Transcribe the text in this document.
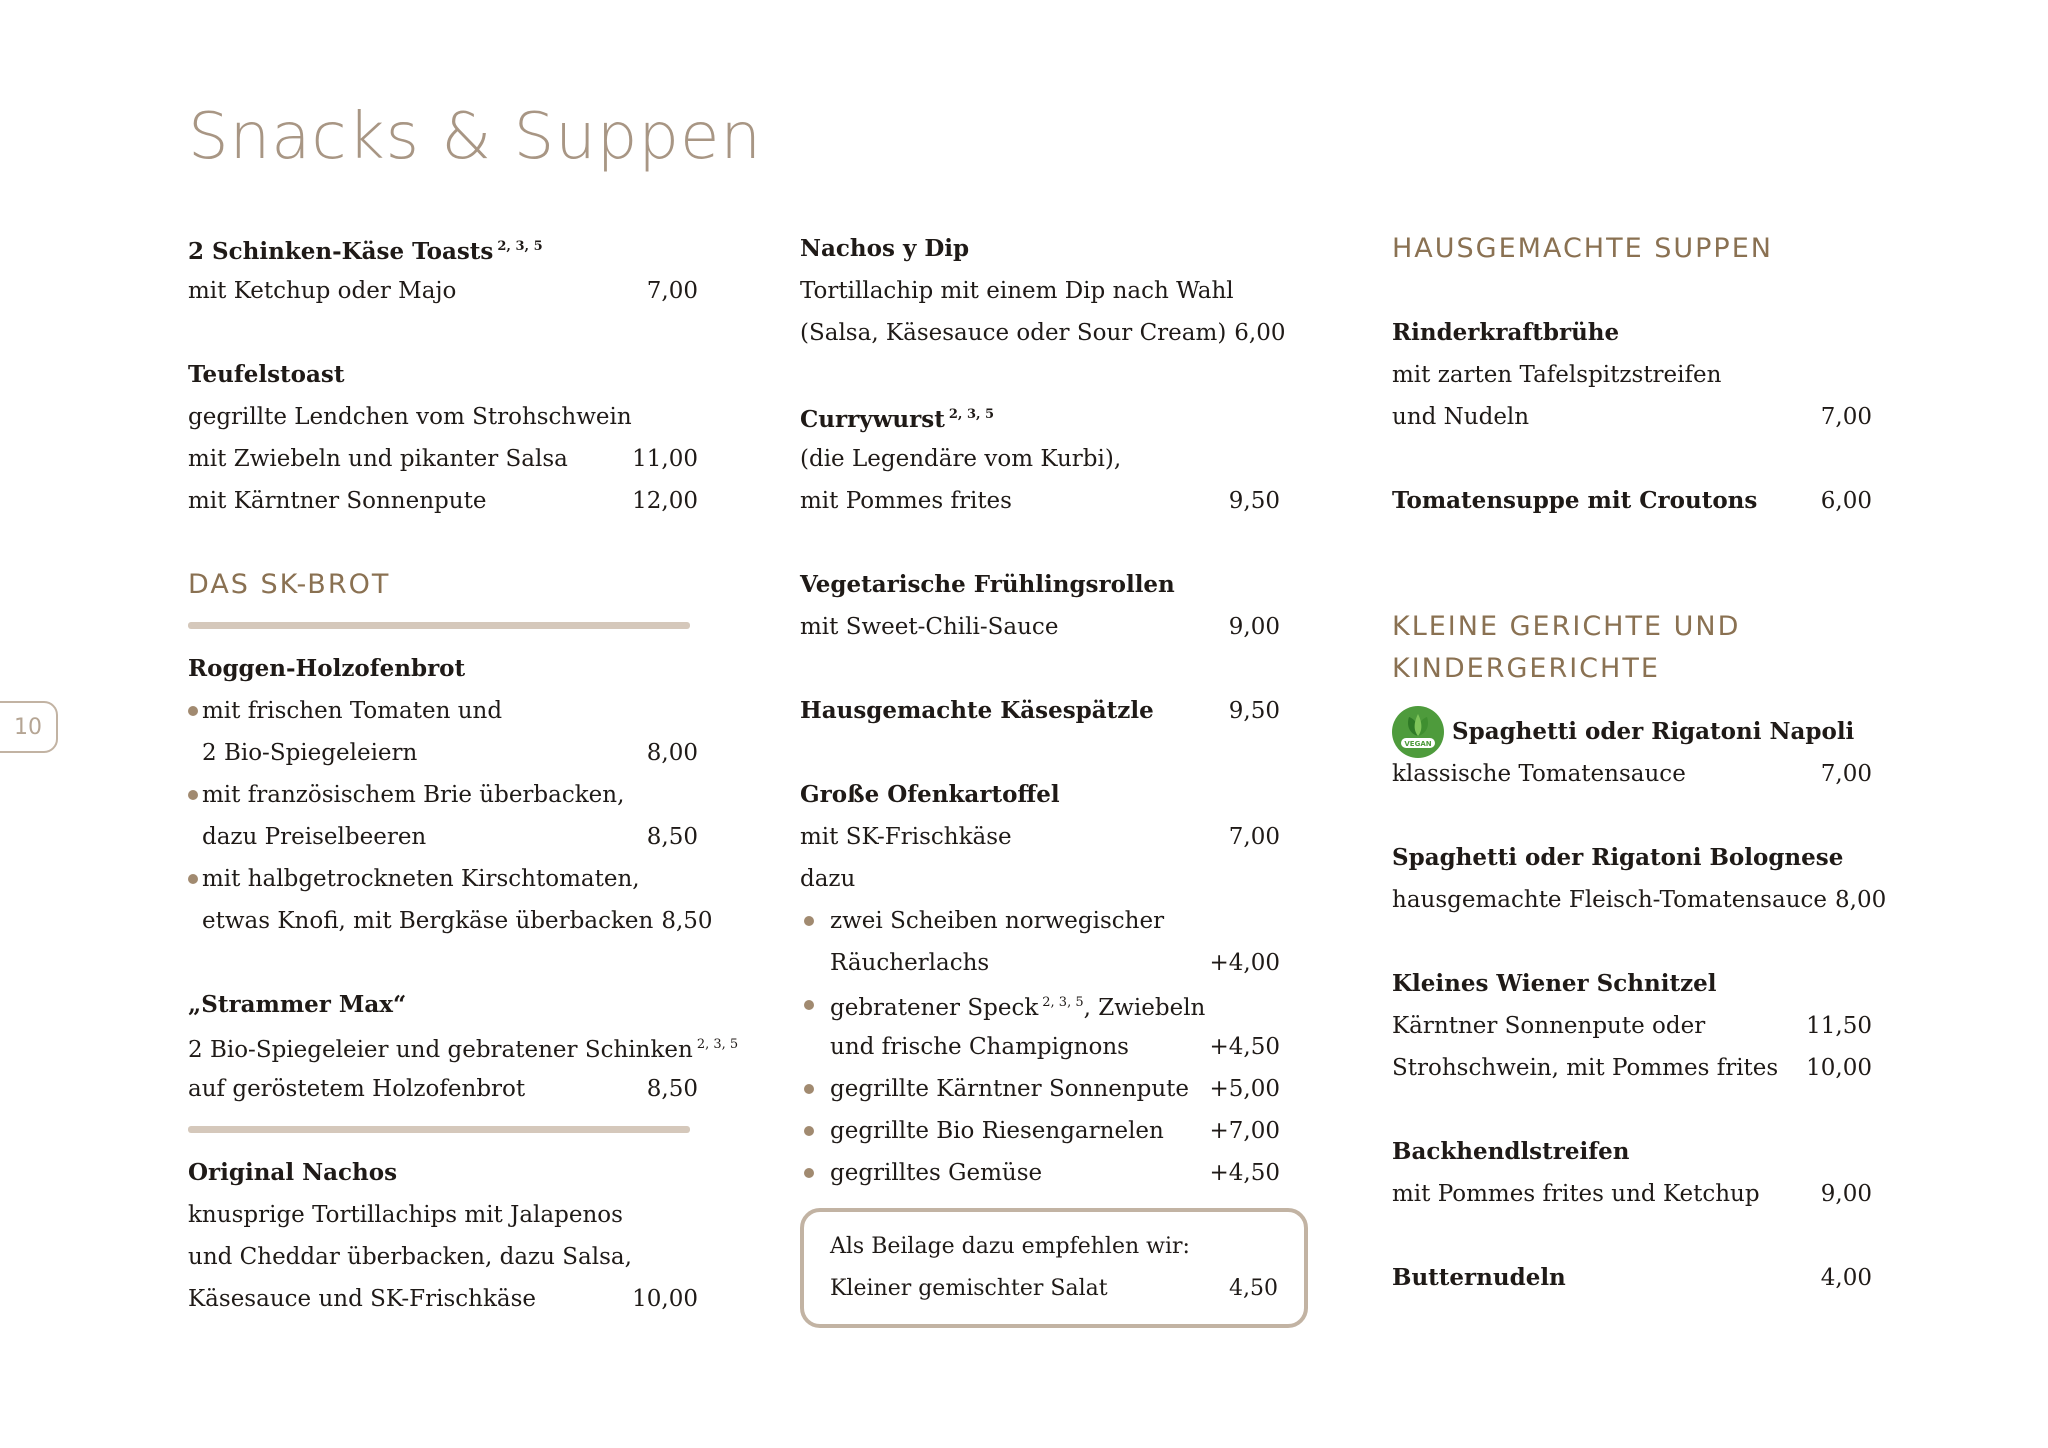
Snacks & Suppen
2 Schinken-Käse Toasts $^{2, 3, 5}$
mit Ketchup oder Majo	7,00
Teufelstoast
gegrillte Lendchen vom Strohschwein
mit Zwiebeln und pikanter Salsa	11,00
mit Kärntner Sonnenpute	12,00
DAS SK-BROT
Roggen-Holzofenbrot
mit frischen Tomaten und
2 Bio-Spiegeleiern	8,00
mit französischem Brie überbacken,
dazu Preiselbeeren	8,50
mit halbgetrockneten Kirschtomaten,
etwas Knofi, mit Bergkäse überbacken 8,50
„Strammer Max“
2 Bio-Spiegeleier und gebratener Schinken $^{2, 3, 5}$
auf geröstetem Holzofenbrot	8,50
Original Nachos
knusprige Tortillachips mit Jalapenos
und Cheddar überbacken, dazu Salsa,
Käsesauce und SK-Frischkäse	10,00
Nachos y Dip
Tortillachip mit einem Dip nach Wahl
(Salsa, Käsesauce oder Sour Cream) 6,00
Currywurst $^{2, 3, 5}$
(die Legendäre vom Kurbi),
mit Pommes frites	9,50
Vegetarische Frühlingsrollen
mit Sweet-Chili-Sauce	9,00
Hausgemachte Käsespätzle	9,50
Große Ofenkartoffel
mit SK-Frischkäse	7,00
dazu
zwei Scheiben norwegischer
Räucherlachs	+4,00
gebratener Speck $^{2, 3, 5}$, Zwiebeln
und frische Champignons	+4,50
gegrillte Kärntner Sonnenpute +5,00
gegrillte Bio Riesengarnelen	+7,00
gegrilltes Gemüse	+4,50
Als Beilage dazu empfehlen wir:
Kleiner gemischter Salat	4,50
HAUSGEMACHTE SUPPEN
Rinderkraftbrühe
mit zarten Tafelspitzstreifen
und Nudeln	7,00
Tomatensuppe mit Croutons	6,00
KLEINE GERICHTE UND
KINDERGERICHTE
VEGAN Spaghetti oder Rigatoni Napoli
klassische Tomatensauce	7,00
Spaghetti oder Rigatoni Bolognese
hausgemachte Fleisch-Tomatensauce 8,00
Kleines Wiener Schnitzel
Kärntner Sonnenpute oder	11,50
Strohschwein, mit Pommes frites	10,00
Backhendlstreifen
mit Pommes frites und Ketchup	9,00
Butternudeln	4,00
10
